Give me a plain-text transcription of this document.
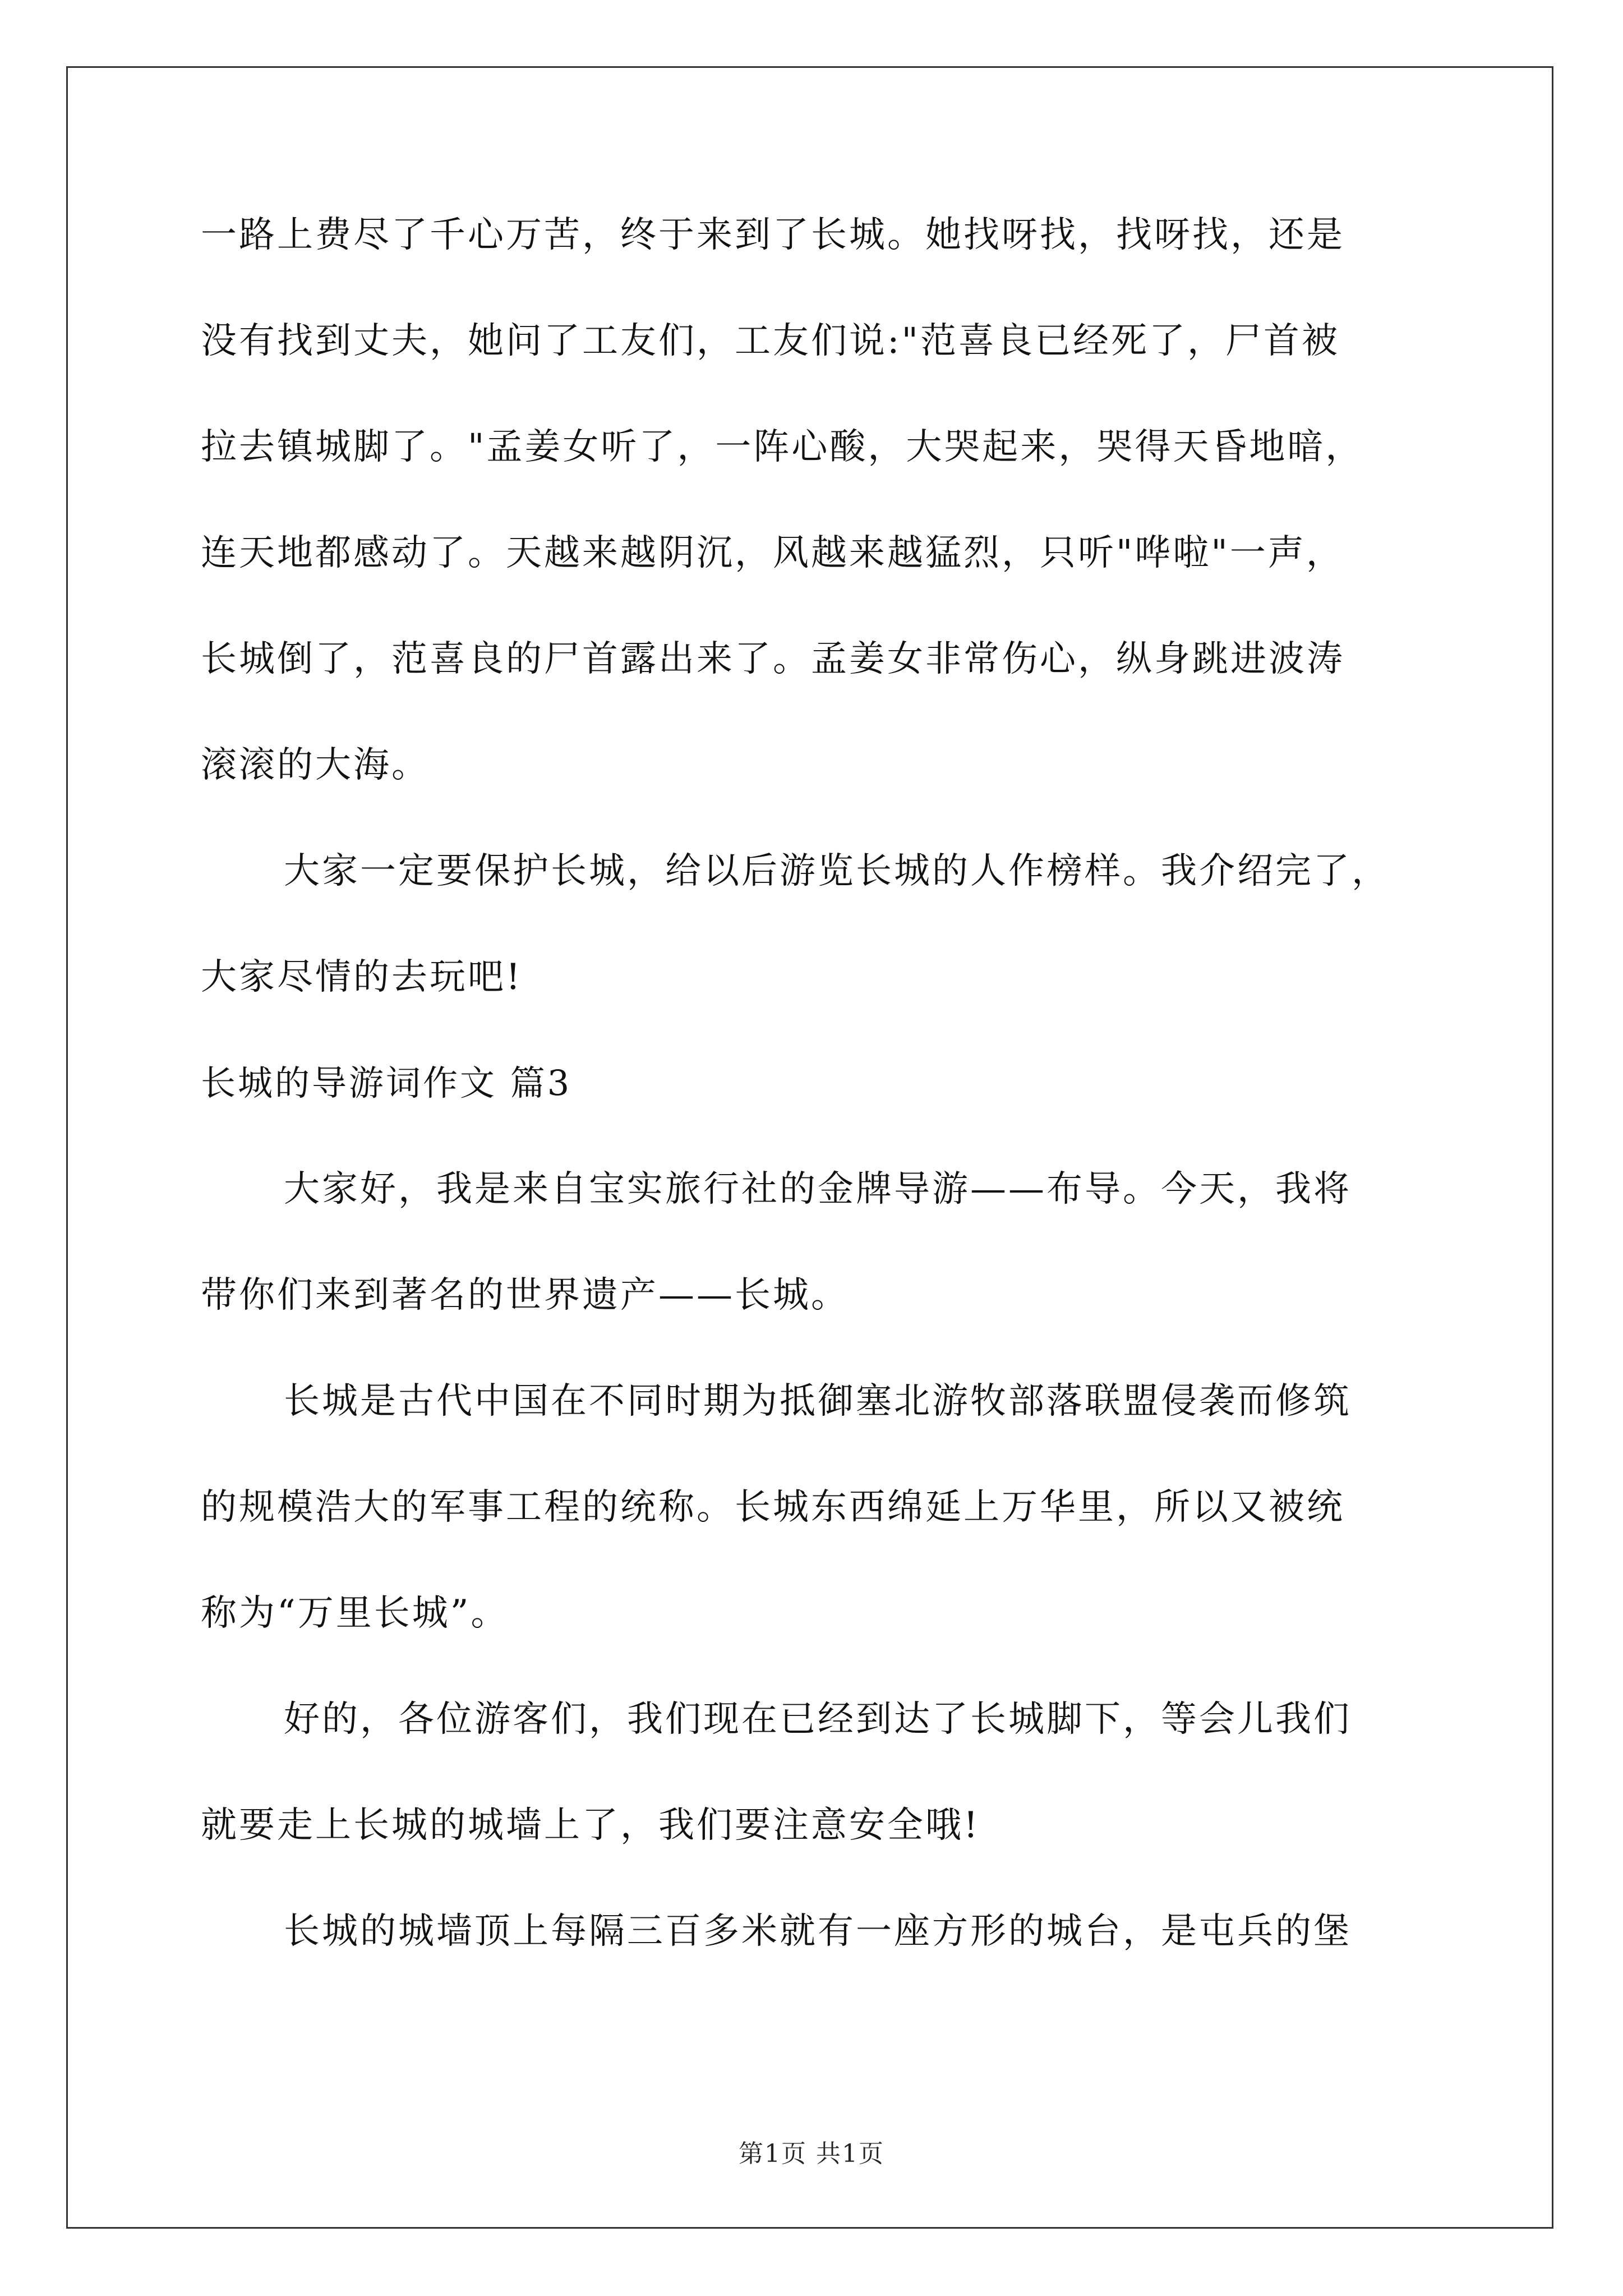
一路上费尽了千心万苦，终于来到了长城。她找呀找，找呀找，还是
没有找到丈夫，她问了工友们，工友们说:"范喜良已经死了，尸首被
拉去镇城脚了。"孟姜女听了，一阵心酸，大哭起来，哭得天昏地暗，
连天地都感动了。天越来越阴沉，风越来越猛烈，只听"哗啦"一声，
长城倒了，范喜良的尸首露出来了。孟姜女非常伤心，纵身跳进波涛
滚滚的大海。
大家一定要保护长城，给以后游览长城的人作榜样。我介绍完了，
大家尽情的去玩吧!
长城的导游词作文 篇3
大家好，我是来自宝实旅行社的金牌导游——布导。今天，我将
带你们来到著名的世界遗产——长城。
长城是古代中国在不同时期为抵御塞北游牧部落联盟侵袭而修筑
的规模浩大的军事工程的统称。长城东西绵延上万华里，所以又被统
称为“万里长城”。
好的，各位游客们，我们现在已经到达了长城脚下，等会儿我们
就要走上长城的城墙上了，我们要注意安全哦!
长城的城墙顶上每隔三百多米就有一座方形的城台，是屯兵的堡
第1页 共1页
